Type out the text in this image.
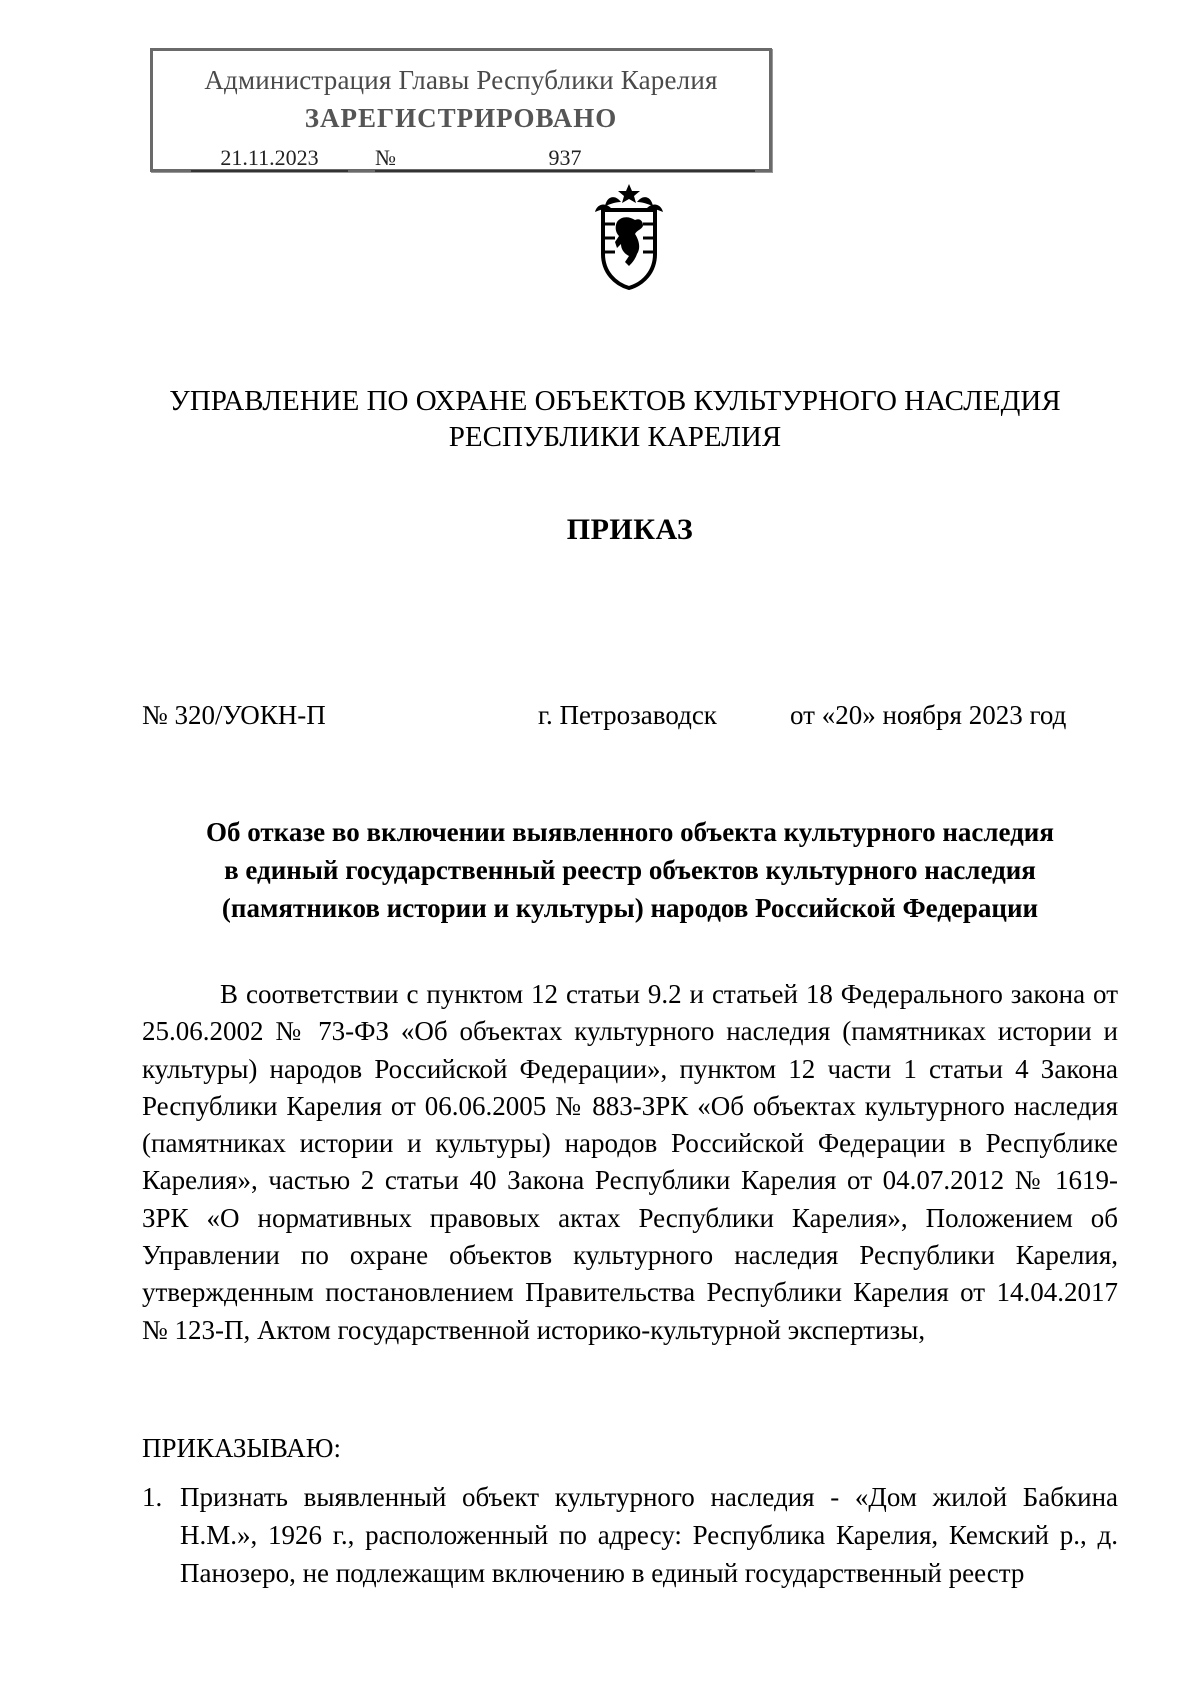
Администрация Главы Республики Карелия
ЗАРЕГИСТРИРОВАНО
21.11.2023	№	937
УПРАВЛЕНИЕ ПО ОХРАНЕ ОБЪЕКТОВ КУЛЬТУРНОГО НАСЛЕДИЯ
РЕСПУБЛИКИ КАРЕЛИЯ
ПРИКАЗ
№ 320/УОКН-П	г. Петрозаводск	от «20» ноября 2023 год
Об отказе во включении выявленного объекта культурного наследия
в единый государственный реестр объектов культурного наследия
(памятников истории и культуры) народов Российской Федерации
В соответствии с пунктом 12 статьи 9.2 и статьей 18 Федерального закона от 25.06.2002 № 73-ФЗ «Об объектах культурного наследия (памятниках истории и культуры) народов Российской Федерации», пунктом 12 части 1 статьи 4 Закона Республики Карелия от 06.06.2005 № 883-ЗРК «Об объектах культурного наследия (памятниках истории и культуры) народов Российской Федерации в Республике Карелия», частью 2 статьи 40 Закона Республики Карелия от 04.07.2012 № 1619-ЗРК «О нормативных правовых актах Республики Карелия», Положением об Управлении по охране объектов культурного наследия Республики Карелия, утвержденным постановлением Правительства Республики Карелия от 14.04.2017 № 123-П, Актом государственной историко-культурной экспертизы,
ПРИКАЗЫВАЮ:
1. Признать выявленный объект культурного наследия - «Дом жилой Бабкина Н.М.», 1926 г., расположенный по адресу: Республика Карелия, Кемский р., д. Панозеро, не подлежащим включению в единый государственный реестр
